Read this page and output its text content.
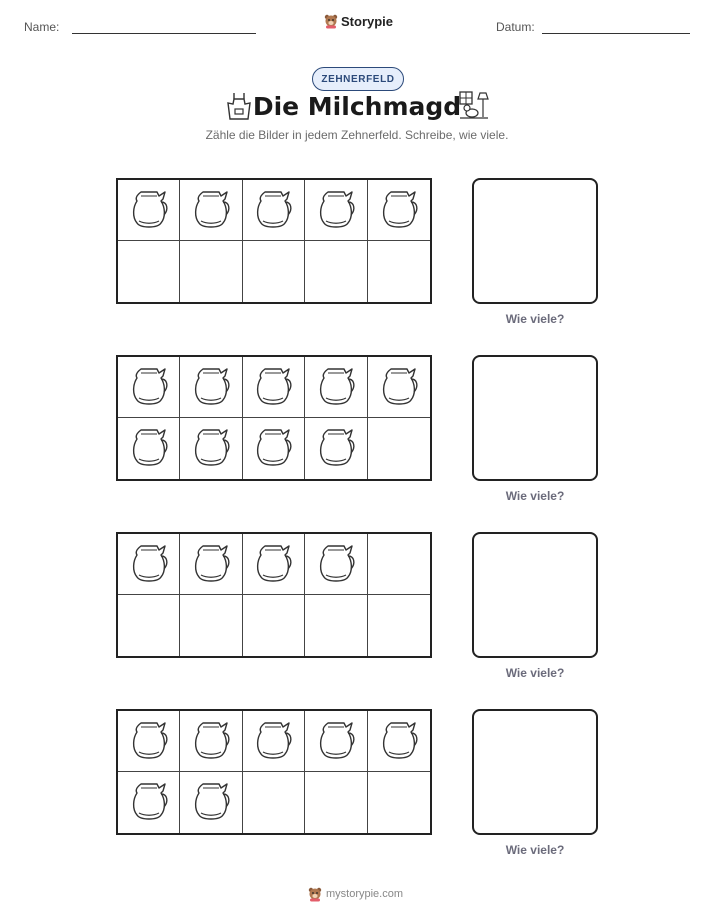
Name:	Storypie	Datum:
ZEHNERFELD
Die Milchmagd
Zähle die Bilder in jedem Zehnerfeld. Schreibe, wie viele.
Wie viele?
Wie viele?
Wie viele?
Wie viele?
mystorypie.com
